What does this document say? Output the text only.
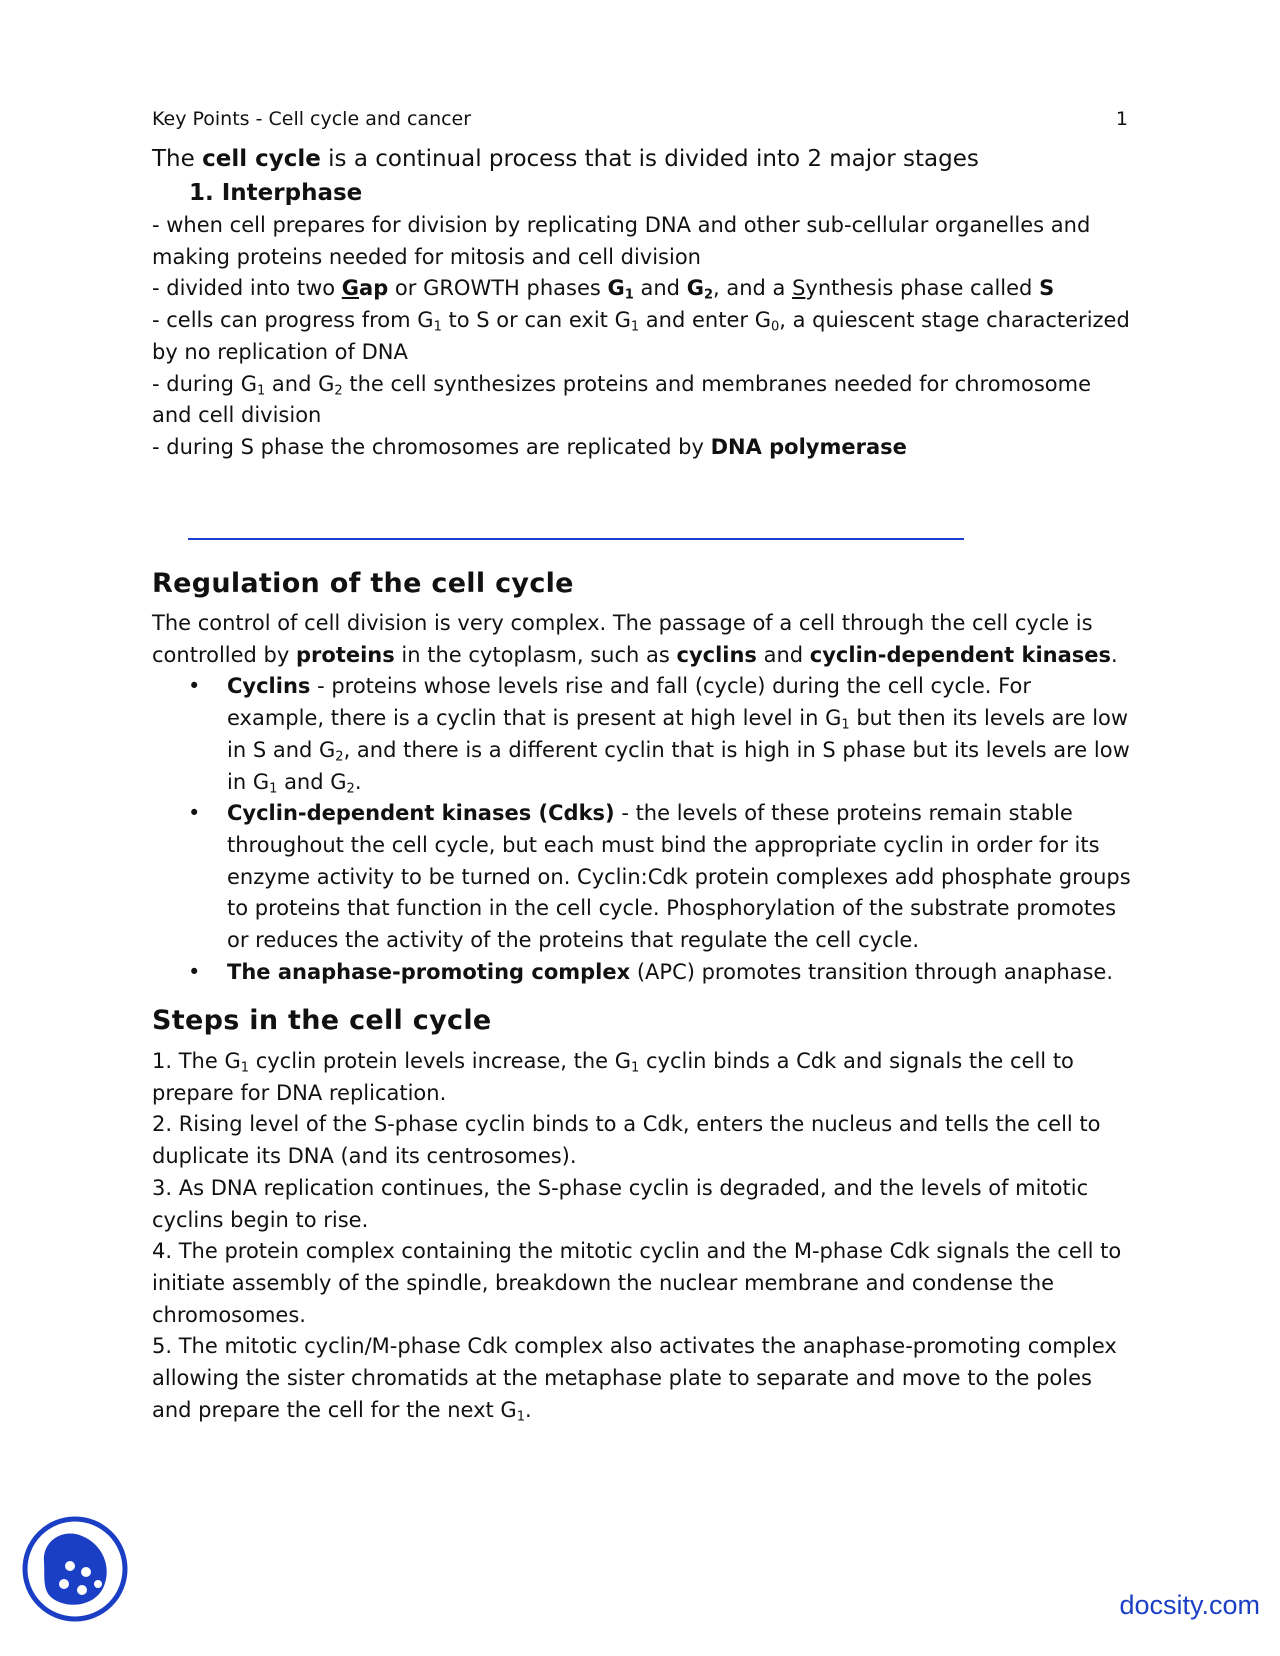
Key Points - Cell cycle and cancer	1

The cell cycle is a continual process that is divided into 2 major stages

1. Interphase

- when cell prepares for division by replicating DNA and other sub-cellular organelles and making proteins needed for mitosis and cell division

- divided into two Gap or GROWTH phases $G_1$ and $G_2$, and a Synthesis phase called S

- cells can progress from $G_1$ to S or can exit $G_1$ and enter $G_0$, a quiescent stage characterized by no replication of DNA

- during $G_1$ and $G_2$ the cell synthesizes proteins and membranes needed for chromosome and cell division

- during S phase the chromosomes are replicated by DNA polymerase

Regulation of the cell cycle

The control of cell division is very complex. The passage of a cell through the cell cycle is controlled by proteins in the cytoplasm, such as cyclins and cyclin-dependent kinases.

• Cyclins - proteins whose levels rise and fall (cycle) during the cell cycle. For example, there is a cyclin that is present at high level in $G_1$ but then its levels are low in S and $G_2$, and there is a different cyclin that is high in S phase but its levels are low in $G_1$ and $G_2$.
• Cyclin-dependent kinases (Cdks) - the levels of these proteins remain stable throughout the cell cycle, but each must bind the appropriate cyclin in order for its enzyme activity to be turned on. Cyclin:Cdk protein complexes add phosphate groups to proteins that function in the cell cycle. Phosphorylation of the substrate promotes or reduces the activity of the proteins that regulate the cell cycle.
• The anaphase-promoting complex (APC) promotes transition through anaphase.
Steps in the cell cycle

1. The $G_1$ cyclin protein levels increase, the $G_1$ cyclin binds a Cdk and signals the cell to prepare for DNA replication.

2. Rising level of the S-phase cyclin binds to a Cdk, enters the nucleus and tells the cell to duplicate its DNA (and its centrosomes).

3. As DNA replication continues, the S-phase cyclin is degraded, and the levels of mitotic cyclins begin to rise.

4. The protein complex containing the mitotic cyclin and the M-phase Cdk signals the cell to initiate assembly of the spindle, breakdown the nuclear membrane and condense the chromosomes.

5. The mitotic cyclin/M-phase Cdk complex also activates the anaphase-promoting complex allowing the sister chromatids at the metaphase plate to separate and move to the poles and prepare the cell for the next $G_1$.

docsity.com
